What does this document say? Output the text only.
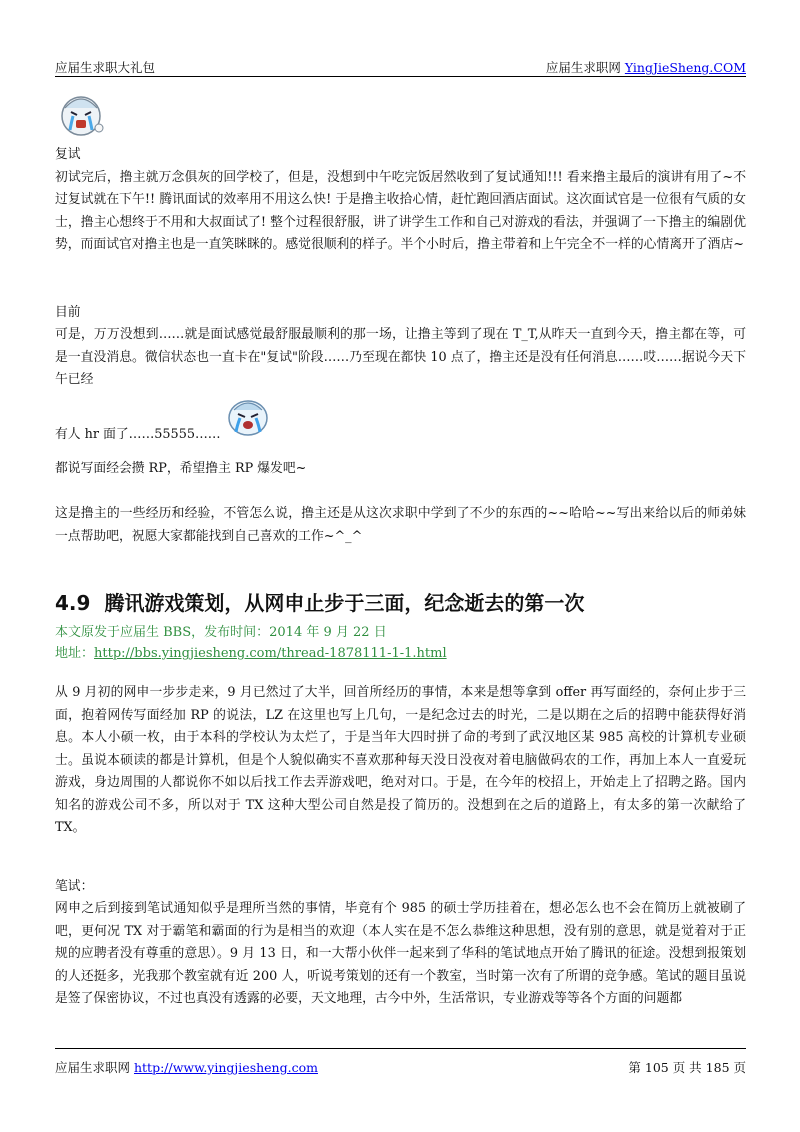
应届生求职大礼包	应届生求职网 YingJieSheng.COM

复试

初试完后，撸主就万念俱灰的回学校了，但是，没想到中午吃完饭居然收到了复试通知!!! 看来撸主最后的演讲有用了~不过复试就在下午!! 腾讯面试的效率用不用这么快! 于是撸主收拾心情，赶忙跑回酒店面试。这次面试官是一位很有气质的女士，撸主心想终于不用和大叔面试了! 整个过程很舒服，讲了讲学生工作和自己对游戏的看法，并强调了一下撸主的编剧优势，而面试官对撸主也是一直笑眯眯的。感觉很顺利的样子。半个小时后，撸主带着和上午完全不一样的心情离开了酒店~

目前

可是，万万没想到……就是面试感觉最舒服最顺利的那一场，让撸主等到了现在 T_T,从昨天一直到今天，撸主都在等，可是一直没消息。微信状态也一直卡在"复试"阶段……乃至现在都快 10 点了，撸主还是没有任何消息……哎……据说今天下午已经

有人 hr 面了……55555……

都说写面经会攒 RP，希望撸主 RP 爆发吧~

这是撸主的一些经历和经验，不管怎么说，撸主还是从这次求职中学到了不少的东西的~~哈哈~~写出来给以后的师弟妹一点帮助吧，祝愿大家都能找到自己喜欢的工作~^_^

4.9 腾讯游戏策划，从网申止步于三面，纪念逝去的第一次

本文原发于应届生 BBS，发布时间：2014 年 9 月 22 日

地址：http://bbs.yingjiesheng.com/thread-1878111-1-1.html

从 9 月初的网申一步步走来，9 月已然过了大半，回首所经历的事情，本来是想等拿到 offer 再写面经的，奈何止步于三面，抱着网传写面经加 RP 的说法，LZ 在这里也写上几句，一是纪念过去的时光，二是以期在之后的招聘中能获得好消息。本人小硕一枚，由于本科的学校认为太烂了，于是当年大四时拼了命的考到了武汉地区某 985 高校的计算机专业硕士。虽说本硕读的都是计算机，但是个人貌似确实不喜欢那种每天没日没夜对着电脑做码农的工作，再加上本人一直爱玩游戏，身边周围的人都说你不如以后找工作去弄游戏吧，绝对对口。于是，在今年的校招上，开始走上了招聘之路。国内知名的游戏公司不多，所以对于 TX 这种大型公司自然是投了简历的。没想到在之后的道路上，有太多的第一次献给了 TX。

笔试：

网申之后到接到笔试通知似乎是理所当然的事情，毕竟有个 985 的硕士学历挂着在，想必怎么也不会在简历上就被刷了吧，更何况 TX 对于霸笔和霸面的行为是相当的欢迎（本人实在是不怎么恭维这种思想，没有别的意思，就是觉着对于正规的应聘者没有尊重的意思）。9 月 13 日，和一大帮小伙伴一起来到了华科的笔试地点开始了腾讯的征途。没想到报策划的人还挺多，光我那个教室就有近 200 人，听说考策划的还有一个教室，当时第一次有了所谓的竞争感。笔试的题目虽说是签了保密协议，不过也真没有透露的必要，天文地理，古今中外，生活常识，专业游戏等等各个方面的问题都

应届生求职网 http://www.yingjiesheng.com	第 105 页 共 185 页
